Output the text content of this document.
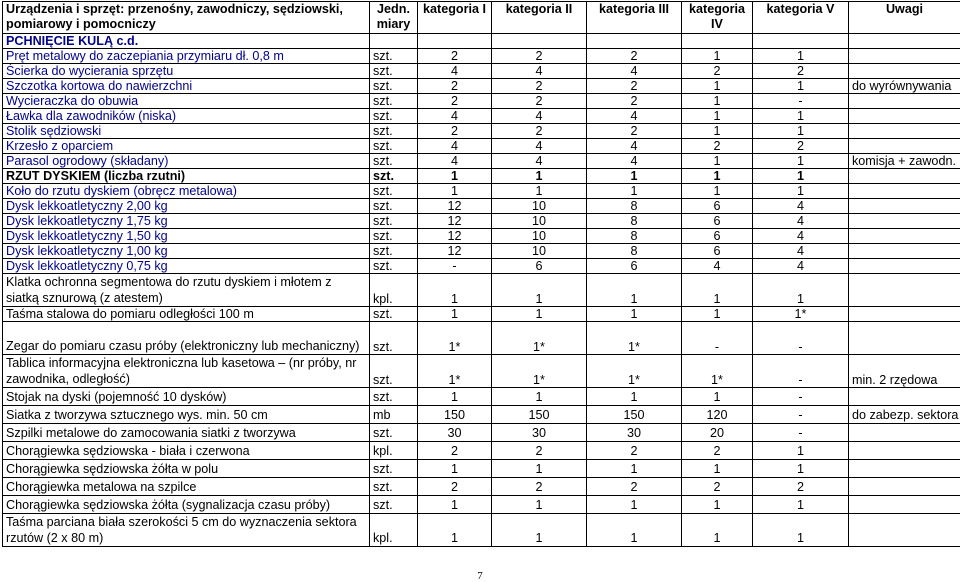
Urządzenia i sprzęt: przenośny, zawodniczy, sędziowski, pomiarowy i pomocniczy	Jedn. miary	kategoria I	kategoria II	kategoria III	kategoria IV	kategoria V	Uwagi
PCHNIĘCIE KULĄ c.d.							
Pręt metalowy do zaczepiania przymiaru dł. 0,8 m	szt.	2	2	2	1	1	
Ścierka do wycierania sprzętu	szt.	4	4	4	2	2	
Szczotka kortowa do nawierzchni	szt.	2	2	2	1	1	do wyrównywania
Wycieraczka do obuwia	szt.	2	2	2	1	-	
Ławka dla zawodników (niska)	szt.	4	4	4	1	1	
Stolik sędziowski	szt.	2	2	2	1	1	
Krzesło z oparciem	szt.	4	4	4	2	2	
Parasol ogrodowy (składany)	szt.	4	4	4	1	1	komisja + zawodn.
RZUT DYSKIEM (liczba rzutni)	szt.	1	1	1	1	1	
Koło do rzutu dyskiem (obręcz metalowa)	szt.	1	1	1	1	1	
Dysk lekkoatletyczny 2,00 kg	szt.	12	10	8	6	4	
Dysk lekkoatletyczny 1,75 kg	szt.	12	10	8	6	4	
Dysk lekkoatletyczny 1,50 kg	szt.	12	10	8	6	4	
Dysk lekkoatletyczny 1,00 kg	szt.	12	10	8	6	4	
Dysk lekkoatletyczny 0,75 kg	szt.	-	6	6	4	4	
Klatka ochronna segmentowa do rzutu dyskiem i młotem z siatką sznurową (z atestem)	kpl.	1	1	1	1	1	
Taśma stalowa do pomiaru odległości 100 m	szt.	1	1	1	1	1*	
Zegar do pomiaru czasu próby (elektroniczny lub mechaniczny)	szt.	1*	1*	1*	-	-	
Tablica informacyjna elektroniczna lub kasetowa – (nr próby, nr zawodnika, odległość)	szt.	1*	1*	1*	1*	-	min. 2 rzędowa
Stojak na dyski (pojemność 10 dysków)	szt.	1	1	1	1	-	
Siatka z tworzywa sztucznego wys. min. 50 cm	mb	150	150	150	120	-	do zabezp. sektora
Szpilki metalowe do zamocowania siatki z tworzywa	szt.	30	30	30	20	-	
Chorągiewka sędziowska - biała i czerwona	kpl.	2	2	2	2	1	
Chorągiewka sędziowska żółta w polu	szt.	1	1	1	1	1	
Chorągiewka metalowa na szpilce	szt.	2	2	2	2	2	
Chorągiewka sędziowska żółta (sygnalizacja czasu próby)	szt.	1	1	1	1	1	
Taśma parciana biała szerokości 5 cm do wyznaczenia sektora rzutów (2 x 80 m)	kpl.	1	1	1	1	1	
7
